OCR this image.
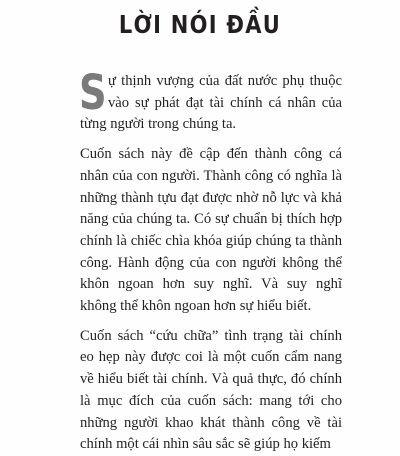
LỜI NÓI ĐẦU

Sự thịnh vượng của đất nước phụ thuộc vào sự phát đạt tài chính cá nhân của từng người trong chúng ta.

Cuốn sách này đề cập đến thành công cá nhân của con người. Thành công có nghĩa là những thành tựu đạt được nhờ nỗ lực và khả năng của chúng ta. Có sự chuẩn bị thích hợp chính là chiếc chìa khóa giúp chúng ta thành công. Hành động của con người không thể khôn ngoan hơn suy nghĩ. Và suy nghĩ không thể khôn ngoan hơn sự hiểu biết.

Cuốn sách “cứu chữa” tình trạng tài chính eo hẹp này được coi là một cuốn cẩm nang về hiểu biết tài chính. Và quả thực, đó chính là mục đích của cuốn sách: mang tới cho những người khao khát thành công về tài chính một cái nhìn sâu sắc sẽ giúp họ kiếm
